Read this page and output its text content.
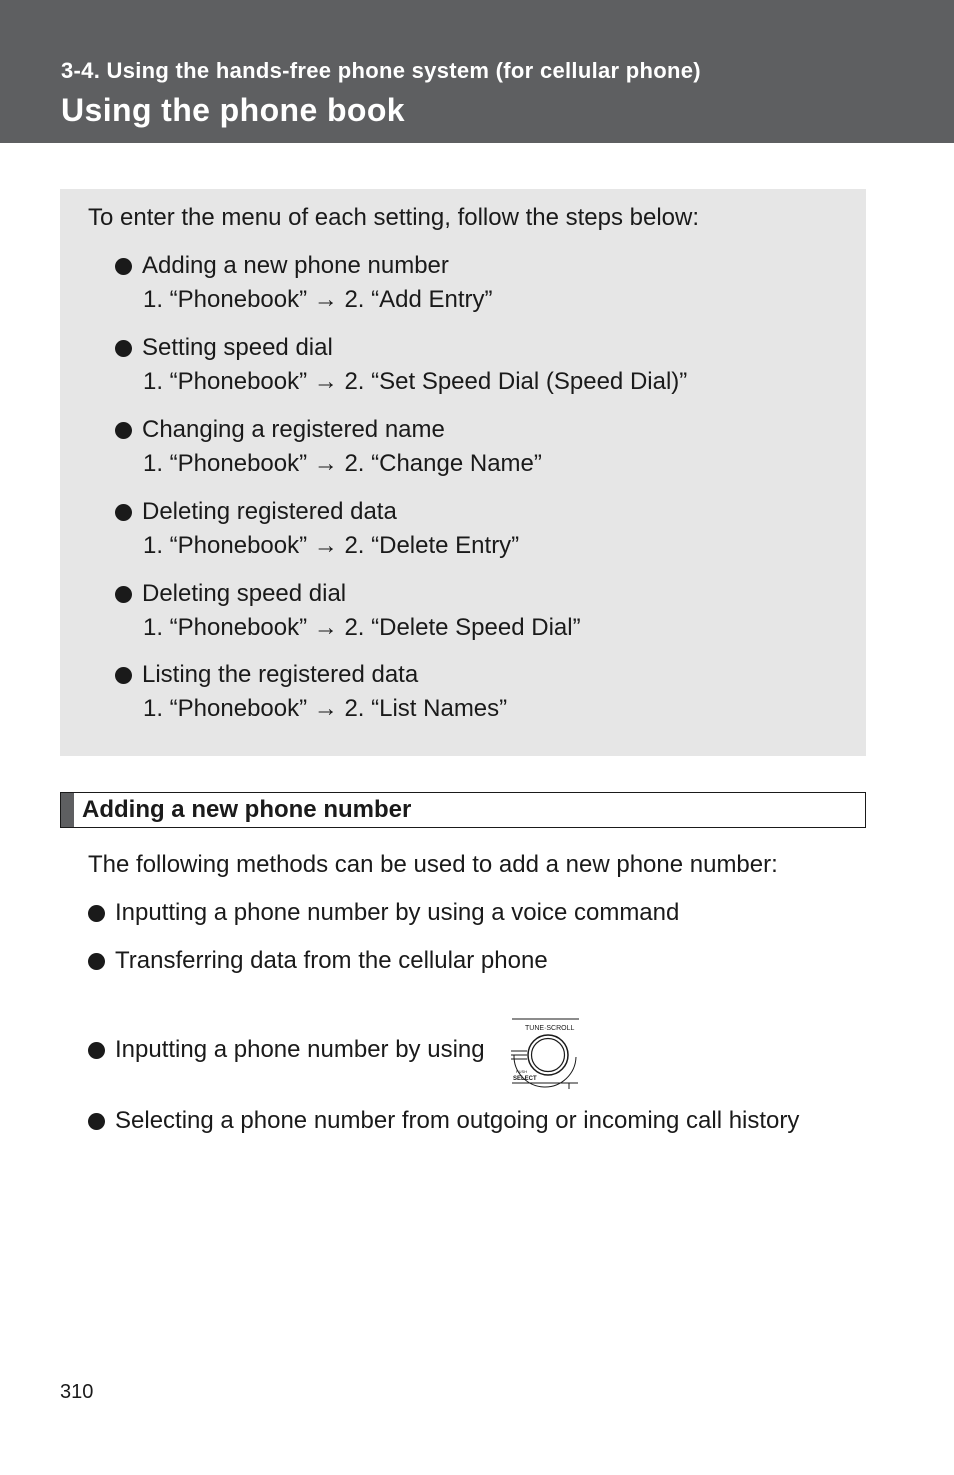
3-4. Using the hands-free phone system (for cellular phone)
Using the phone book
To enter the menu of each setting, follow the steps below:
Adding a new phone number
1. “Phonebook” → 2. “Add Entry”
Setting speed dial
1. “Phonebook” → 2. “Set Speed Dial (Speed Dial)”
Changing a registered name
1. “Phonebook” → 2. “Change Name”
Deleting registered data
1. “Phonebook” → 2. “Delete Entry”
Deleting speed dial
1. “Phonebook” → 2. “Delete Speed Dial”
Listing the registered data
1. “Phonebook” → 2. “List Names”
Adding a new phone number
The following methods can be used to add a new phone number:
Inputting a phone number by using a voice command
Transferring data from the cellular phone
Inputting a phone number by using
TUNE·SCROLL
PUSH
SELECT
Selecting a phone number from outgoing or incoming call history
310
